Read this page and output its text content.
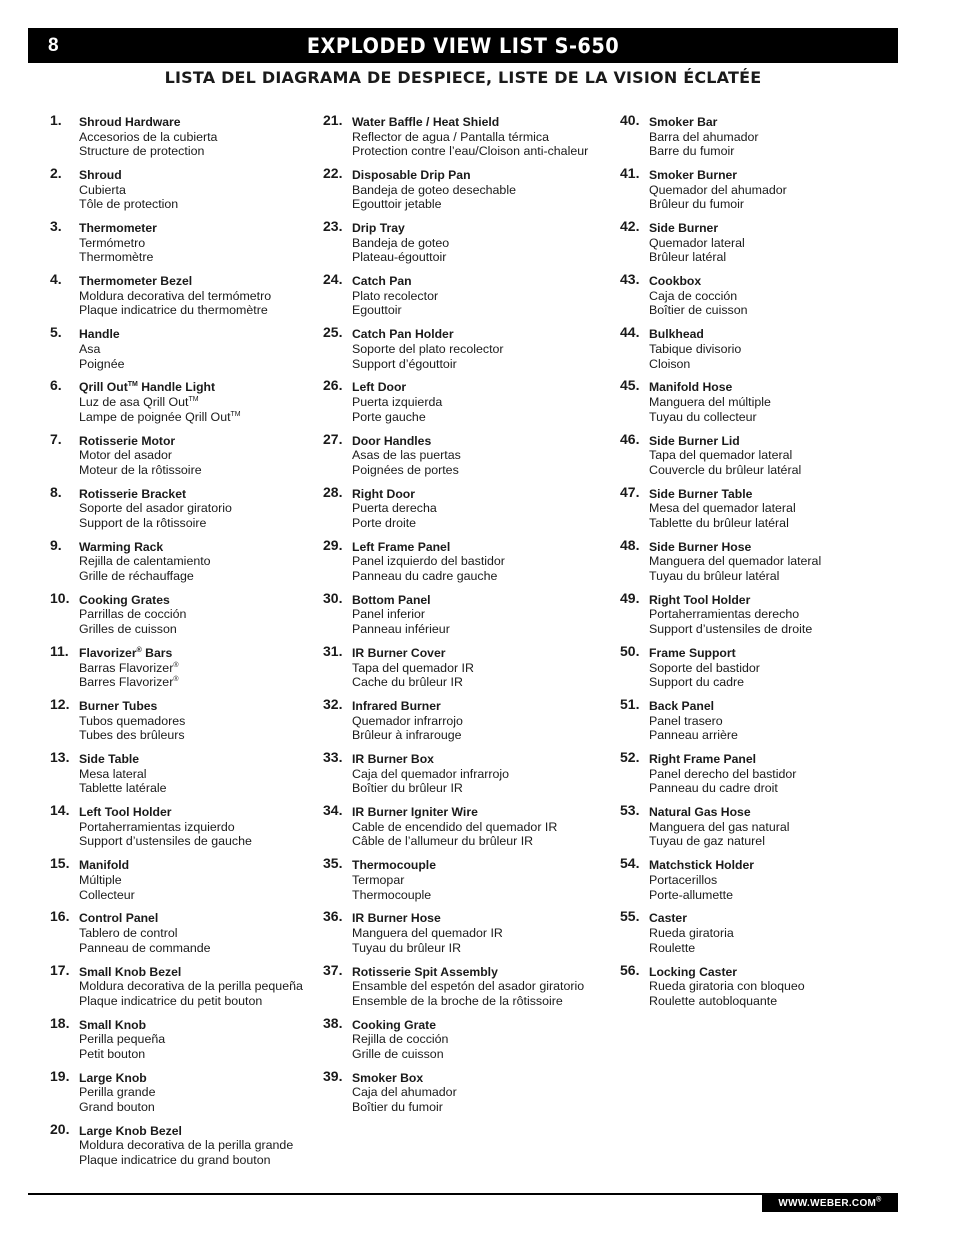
8	EXPLODED VIEW LIST S-650
LISTA DEL DIAGRAMA DE DESPIECE, LISTE DE LA VISION ÉCLATÉE
1. Shroud Hardware
Accesorios de la cubierta
Structure de protection
2. Shroud
Cubierta
Tôle de protection
3. Thermometer
Termómetro
Thermomètre
4. Thermometer Bezel
Moldura decorativa del termómetro
Plaque indicatrice du thermomètre
5. Handle
Asa
Poignée
6. Qrill Out™ Handle Light
Luz de asa Qrill Out™
Lampe de poignée Qrill Out™
7. Rotisserie Motor
Motor del asador
Moteur de la rôtissoire
8. Rotisserie Bracket
Soporte del asador giratorio
Support de la rôtissoire
9. Warming Rack
Rejilla de calentamiento
Grille de réchauffage
10. Cooking Grates
Parrillas de cocción
Grilles de cuisson
11. Flavorizer® Bars
Barras Flavorizer®
Barres Flavorizer®
12. Burner Tubes
Tubos quemadores
Tubes des brûleurs
13. Side Table
Mesa lateral
Tablette latérale
14. Left Tool Holder
Portaherramientas izquierdo
Support d’ustensiles de gauche
15. Manifold
Múltiple
Collecteur
16. Control Panel
Tablero de control
Panneau de commande
17. Small Knob Bezel
Moldura decorativa de la perilla pequeña
Plaque indicatrice du petit bouton
18. Small Knob
Perilla pequeña
Petit bouton
19. Large Knob
Perilla grande
Grand bouton
20. Large Knob Bezel
Moldura decorativa de la perilla grande
Plaque indicatrice du grand bouton
21. Water Baffle / Heat Shield
Reflector de agua / Pantalla térmica
Protection contre l’eau/Cloison anti-chaleur
22. Disposable Drip Pan
Bandeja de goteo desechable
Egouttoir jetable
23. Drip Tray
Bandeja de goteo
Plateau-égouttoir
24. Catch Pan
Plato recolector
Egouttoir
25. Catch Pan Holder
Soporte del plato recolector
Support d’égouttoir
26. Left Door
Puerta izquierda
Porte gauche
27. Door Handles
Asas de las puertas
Poignées de portes
28. Right Door
Puerta derecha
Porte droite
29. Left Frame Panel
Panel izquierdo del bastidor
Panneau du cadre gauche
30. Bottom Panel
Panel inferior
Panneau inférieur
31. IR Burner Cover
Tapa del quemador IR
Cache du brûleur IR
32. Infrared Burner
Quemador infrarrojo
Brûleur à infrarouge
33. IR Burner Box
Caja del quemador infrarrojo
Boîtier du brûleur IR
34. IR Burner Igniter Wire
Cable de encendido del quemador IR
Câble de l’allumeur du brûleur IR
35. Thermocouple
Termopar
Thermocouple
36. IR Burner Hose
Manguera del quemador IR
Tuyau du brûleur IR
37. Rotisserie Spit Assembly
Ensamble del espetón del asador giratorio
Ensemble de la broche de la rôtissoire
38. Cooking Grate
Rejilla de cocción
Grille de cuisson
39. Smoker Box
Caja del ahumador
Boîtier du fumoir
40. Smoker Bar
Barra del ahumador
Barre du fumoir
41. Smoker Burner
Quemador del ahumador
Brûleur du fumoir
42. Side Burner
Quemador lateral
Brûleur latéral
43. Cookbox
Caja de cocción
Boîtier de cuisson
44. Bulkhead
Tabique divisorio
Cloison
45. Manifold Hose
Manguera del múltiple
Tuyau du collecteur
46. Side Burner Lid
Tapa del quemador lateral
Couvercle du brûleur latéral
47. Side Burner Table
Mesa del quemador lateral
Tablette du brûleur latéral
48. Side Burner Hose
Manguera del quemador lateral
Tuyau du brûleur latéral
49. Right Tool Holder
Portaherramientas derecho
Support d’ustensiles de droite
50. Frame Support
Soporte del bastidor
Support du cadre
51. Back Panel
Panel trasero
Panneau arrière
52. Right Frame Panel
Panel derecho del bastidor
Panneau du cadre droit
53. Natural Gas Hose
Manguera del gas natural
Tuyau de gaz naturel
54. Matchstick Holder
Portacerillos
Porte-allumette
55. Caster
Rueda giratoria
Roulette
56. Locking Caster
Rueda giratoria con bloqueo
Roulette autobloquante
WWW.WEBER.COM®
